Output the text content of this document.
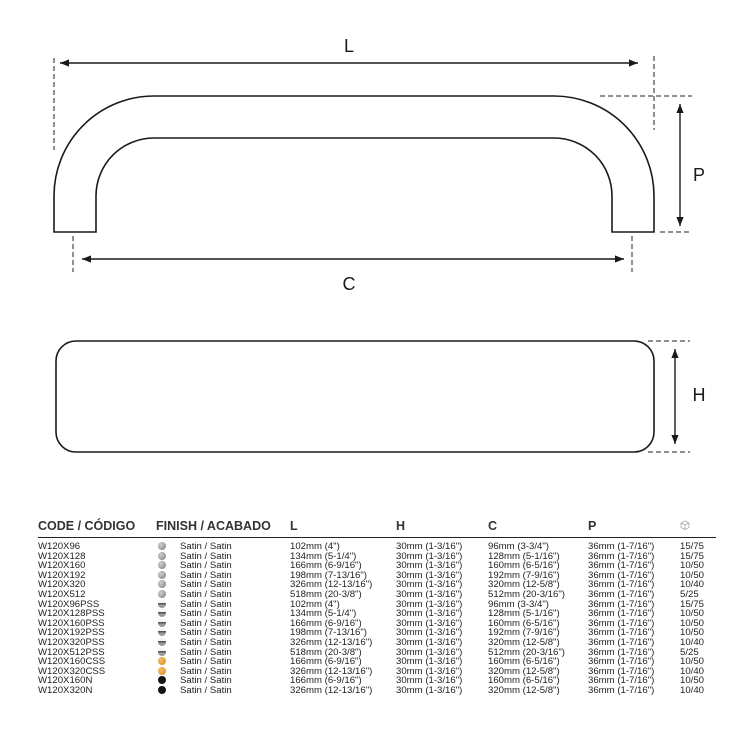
L
C
P
H
CODE / CÓDIGO	FINISH / ACABADO	L	H	C	P	
W120X96	Satin / Satin	102mm (4")	30mm (1-3/16")	96mm (3-3/4")	36mm (1-7/16")	15/75
W120X128	Satin / Satin	134mm (5-1/4")	30mm (1-3/16")	128mm (5-1/16")	36mm (1-7/16")	15/75
W120X160	Satin / Satin	166mm (6-9/16")	30mm (1-3/16")	160mm (6-5/16")	36mm (1-7/16")	10/50
W120X192	Satin / Satin	198mm (7-13/16")	30mm (1-3/16")	192mm (7-9/16")	36mm (1-7/16")	10/50
W120X320	Satin / Satin	326mm (12-13/16")	30mm (1-3/16")	320mm (12-5/8")	36mm (1-7/16")	10/40
W120X512	Satin / Satin	518mm (20-3/8")	30mm (1-3/16")	512mm (20-3/16")	36mm (1-7/16")	5/25
W120X96PSS	Satin / Satin	102mm (4")	30mm (1-3/16")	96mm (3-3/4")	36mm (1-7/16")	15/75
W120X128PSS	Satin / Satin	134mm (5-1/4")	30mm (1-3/16")	128mm (5-1/16")	36mm (1-7/16")	10/50
W120X160PSS	Satin / Satin	166mm (6-9/16")	30mm (1-3/16")	160mm (6-5/16")	36mm (1-7/16")	10/50
W120X192PSS	Satin / Satin	198mm (7-13/16")	30mm (1-3/16")	192mm (7-9/16")	36mm (1-7/16")	10/50
W120X320PSS	Satin / Satin	326mm (12-13/16")	30mm (1-3/16")	320mm (12-5/8")	36mm (1-7/16")	10/40
W120X512PSS	Satin / Satin	518mm (20-3/8")	30mm (1-3/16")	512mm (20-3/16")	36mm (1-7/16")	5/25
W120X160CSS	Satin / Satin	166mm (6-9/16")	30mm (1-3/16")	160mm (6-5/16")	36mm (1-7/16")	10/50
W120X320CSS	Satin / Satin	326mm (12-13/16")	30mm (1-3/16")	320mm (12-5/8")	36mm (1-7/16")	10/40
W120X160N	Satin / Satin	166mm (6-9/16")	30mm (1-3/16")	160mm (6-5/16")	36mm (1-7/16")	10/50
W120X320N	Satin / Satin	326mm (12-13/16")	30mm (1-3/16")	320mm (12-5/8")	36mm (1-7/16")	10/40
